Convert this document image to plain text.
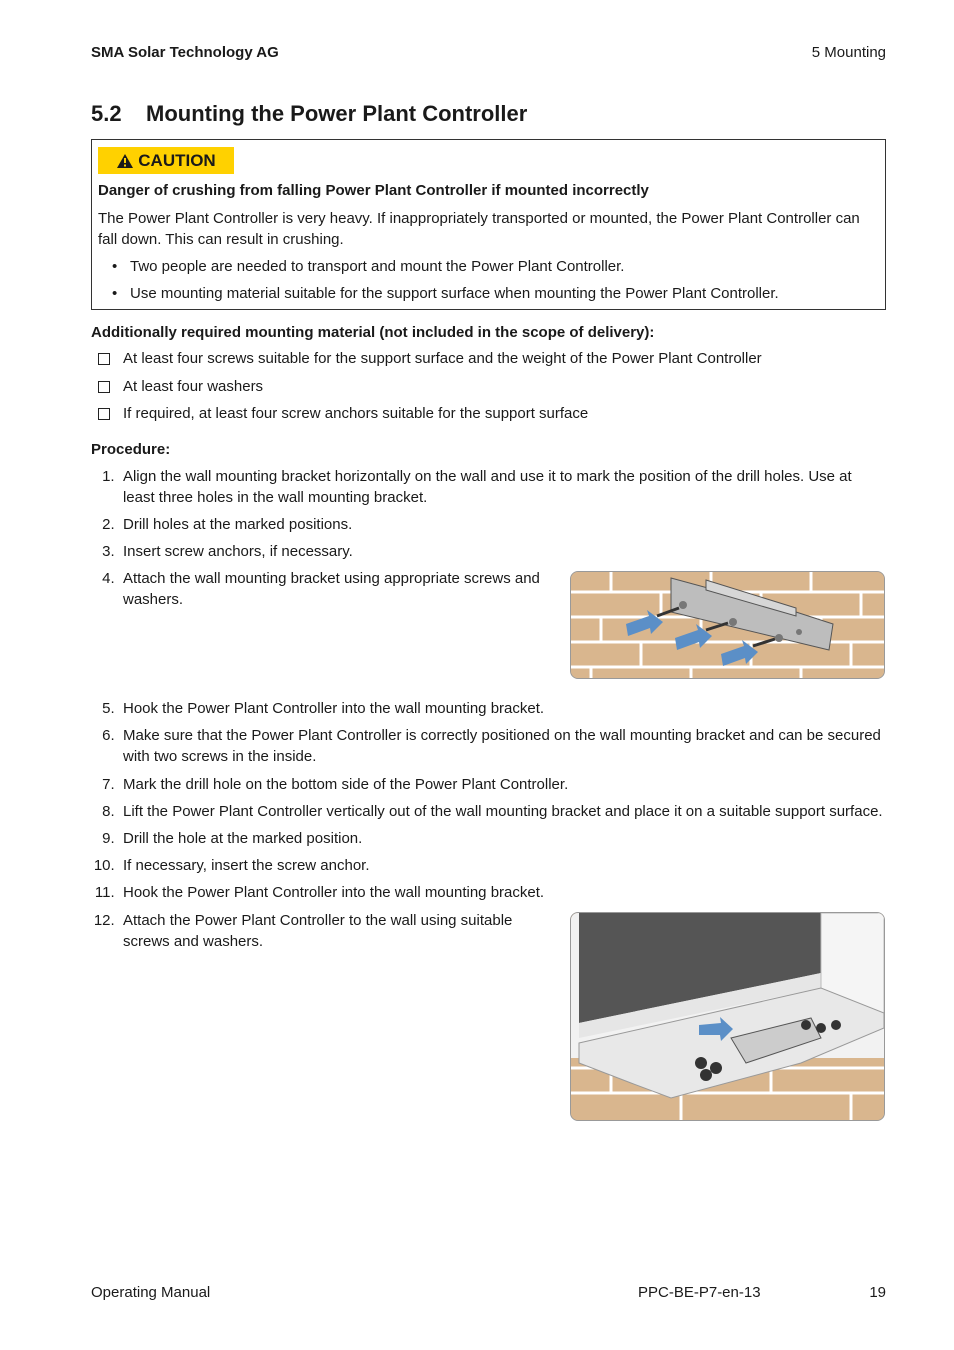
SMA Solar Technology AG	5 Mounting
5.2 Mounting the Power Plant Controller
CAUTION
Danger of crushing from falling Power Plant Controller if mounted incorrectly
The Power Plant Controller is very heavy. If inappropriately transported or mounted, the Power Plant Controller can fall down. This can result in crushing.
• Two people are needed to transport and mount the Power Plant Controller.
• Use mounting material suitable for the support surface when mounting the Power Plant Controller.
Additionally required mounting material (not included in the scope of delivery):
At least four screws suitable for the support surface and the weight of the Power Plant Controller
At least four washers
If required, at least four screw anchors suitable for the support surface
Procedure:
1. Align the wall mounting bracket horizontally on the wall and use it to mark the position of the drill holes. Use at least three holes in the wall mounting bracket.
2. Drill holes at the marked positions.
3. Insert screw anchors, if necessary.
4. Attach the wall mounting bracket using appropriate screws and washers.
5. Hook the Power Plant Controller into the wall mounting bracket.
6. Make sure that the Power Plant Controller is correctly positioned on the wall mounting bracket and can be secured with two screws in the inside.
7. Mark the drill hole on the bottom side of the Power Plant Controller.
8. Lift the Power Plant Controller vertically out of the wall mounting bracket and place it on a suitable support surface.
9. Drill the hole at the marked position.
10. If necessary, insert the screw anchor.
11. Hook the Power Plant Controller into the wall mounting bracket.
12. Attach the Power Plant Controller to the wall using suitable screws and washers.
Operating Manual	PPC-BE-P7-en-13	19
